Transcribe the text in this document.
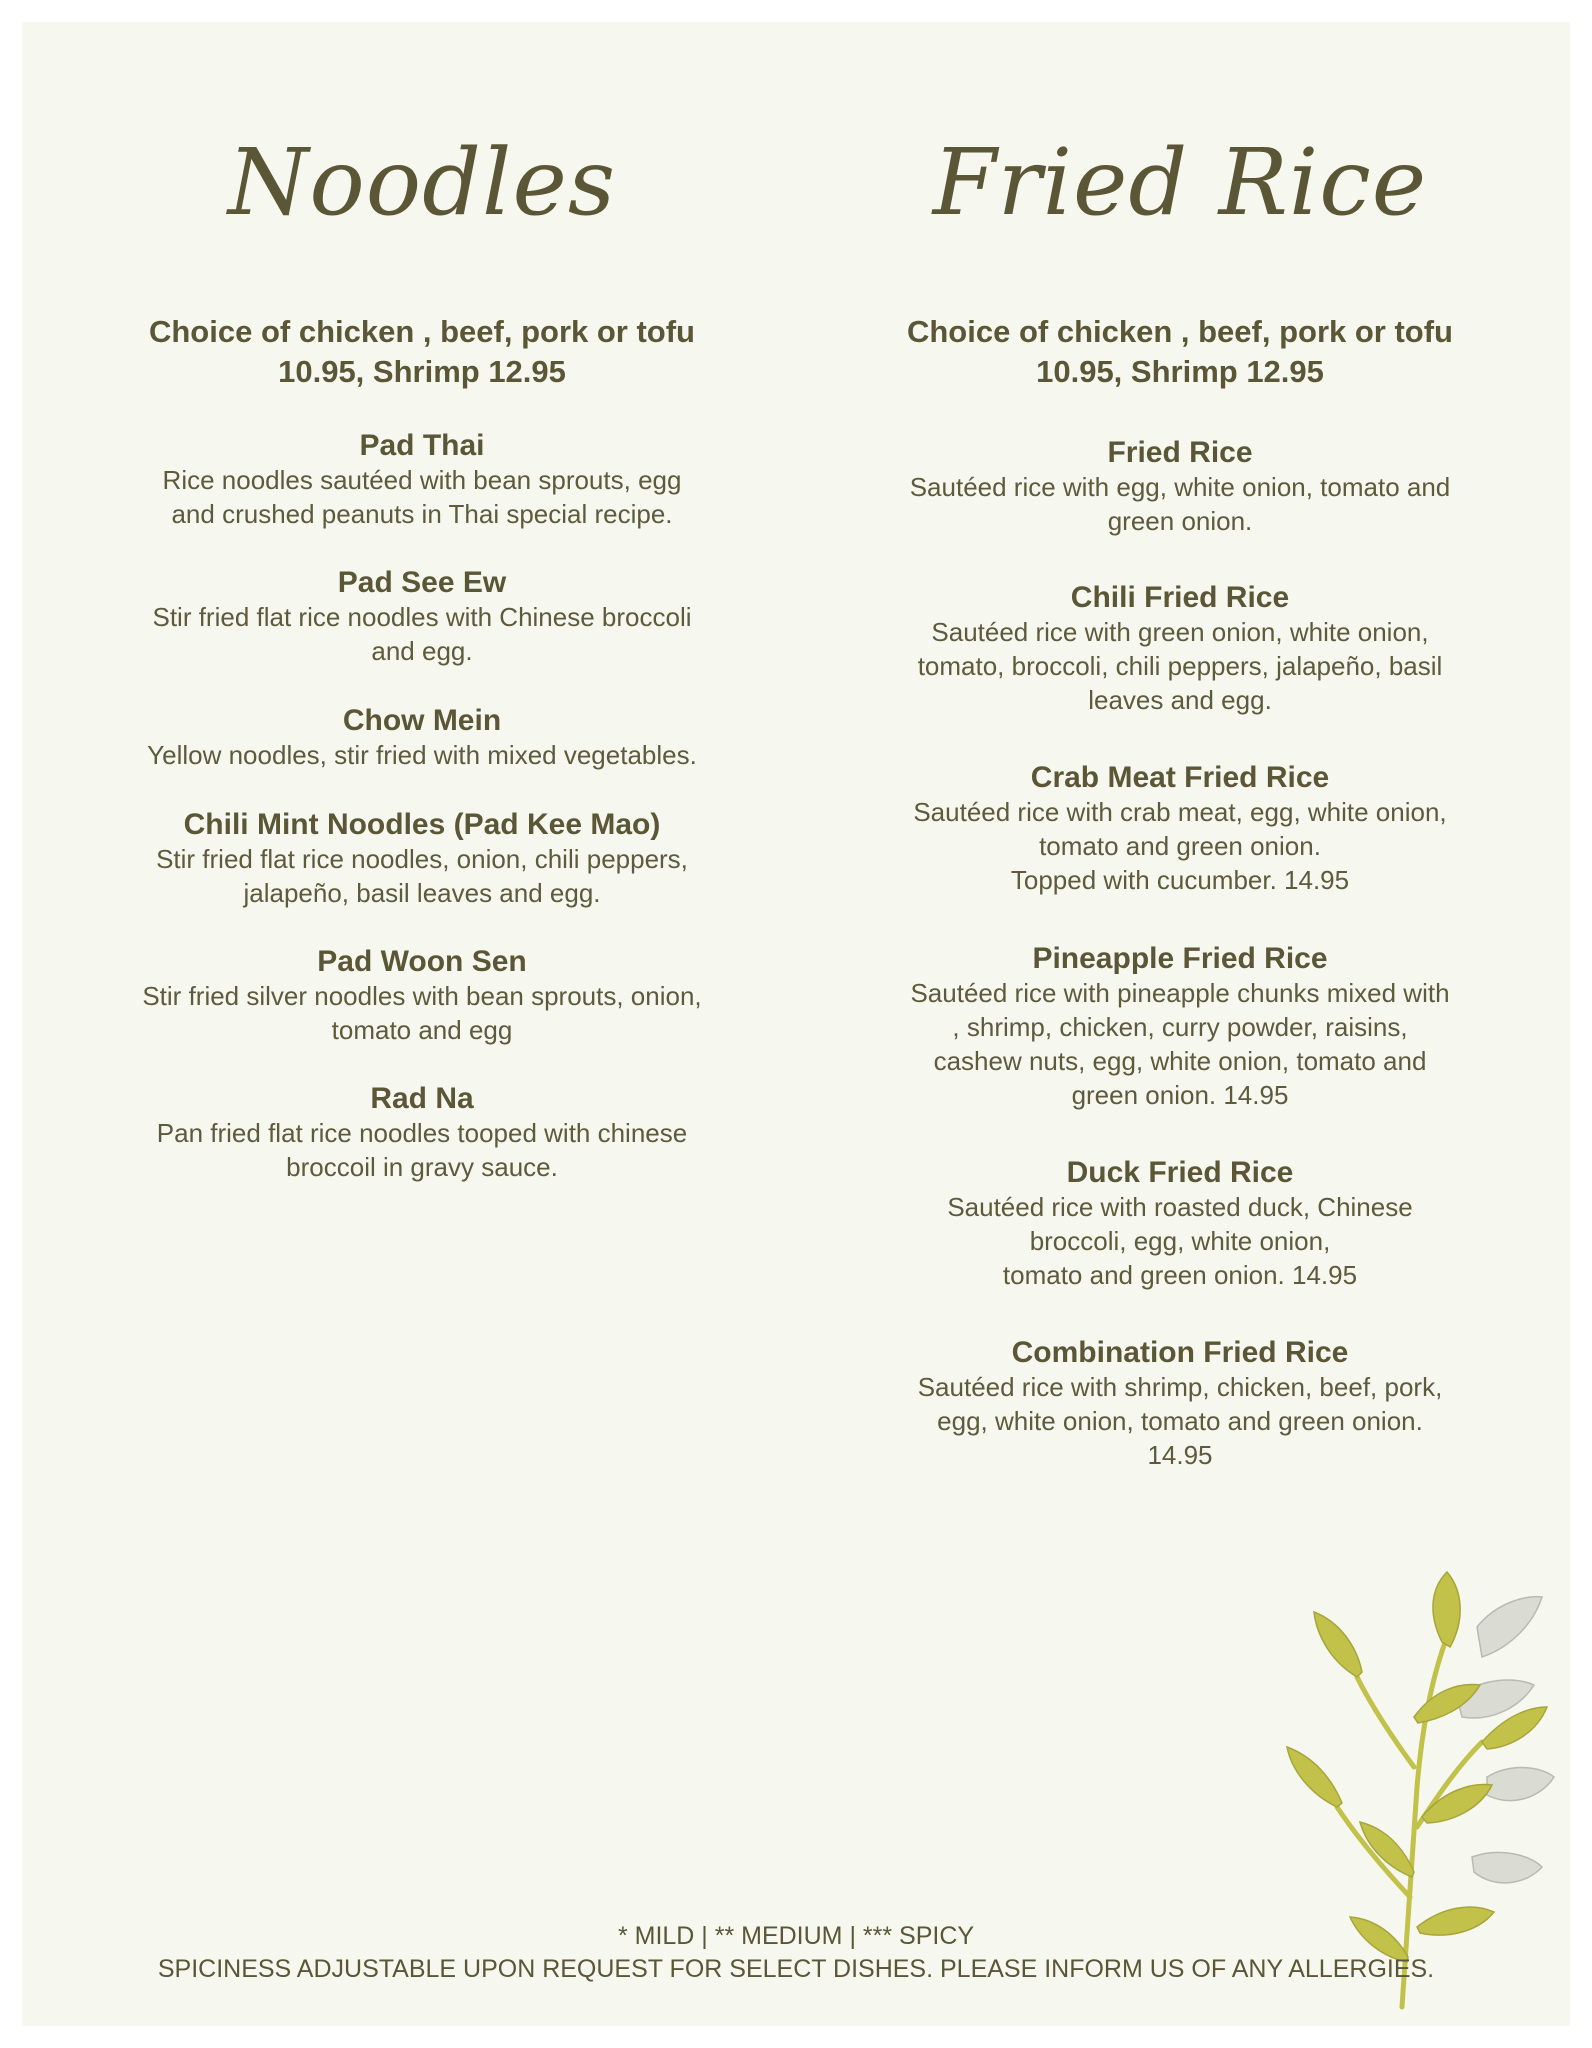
Noodles
Choice of chicken , beef, pork or tofu
10.95, Shrimp 12.95
Pad Thai
Rice noodles sautéed with bean sprouts, egg
and crushed peanuts in Thai special recipe.
Pad See Ew
Stir fried flat rice noodles with Chinese broccoli
and egg.
Chow Mein
Yellow noodles, stir fried with mixed vegetables.
Chili Mint Noodles (Pad Kee Mao)
Stir fried flat rice noodles, onion, chili peppers,
jalapeño, basil leaves and egg.
Pad Woon Sen
Stir fried silver noodles with bean sprouts, onion,
tomato and egg
Rad Na
Pan fried flat rice noodles tooped with chinese
broccoil in gravy sauce.
Fried Rice
Choice of chicken , beef, pork or tofu
10.95, Shrimp 12.95
Fried Rice
Sautéed rice with egg, white onion, tomato and
green onion.
Chili Fried Rice
Sautéed rice with green onion, white onion,
tomato, broccoli, chili peppers, jalapeño, basil
leaves and egg.
Crab Meat Fried Rice
Sautéed rice with crab meat, egg, white onion,
tomato and green onion.
Topped with cucumber. 14.95
Pineapple Fried Rice
Sautéed rice with pineapple chunks mixed with
, shrimp, chicken, curry powder, raisins,
cashew nuts, egg, white onion, tomato and
green onion. 14.95
Duck Fried Rice
Sautéed rice with roasted duck, Chinese
broccoli, egg, white onion,
tomato and green onion. 14.95
Combination Fried Rice
Sautéed rice with shrimp, chicken, beef, pork,
egg, white onion, tomato and green onion.
14.95
* MILD | ** MEDIUM | *** SPICY
SPICINESS ADJUSTABLE UPON REQUEST FOR SELECT DISHES. PLEASE INFORM US OF ANY ALLERGIES.
